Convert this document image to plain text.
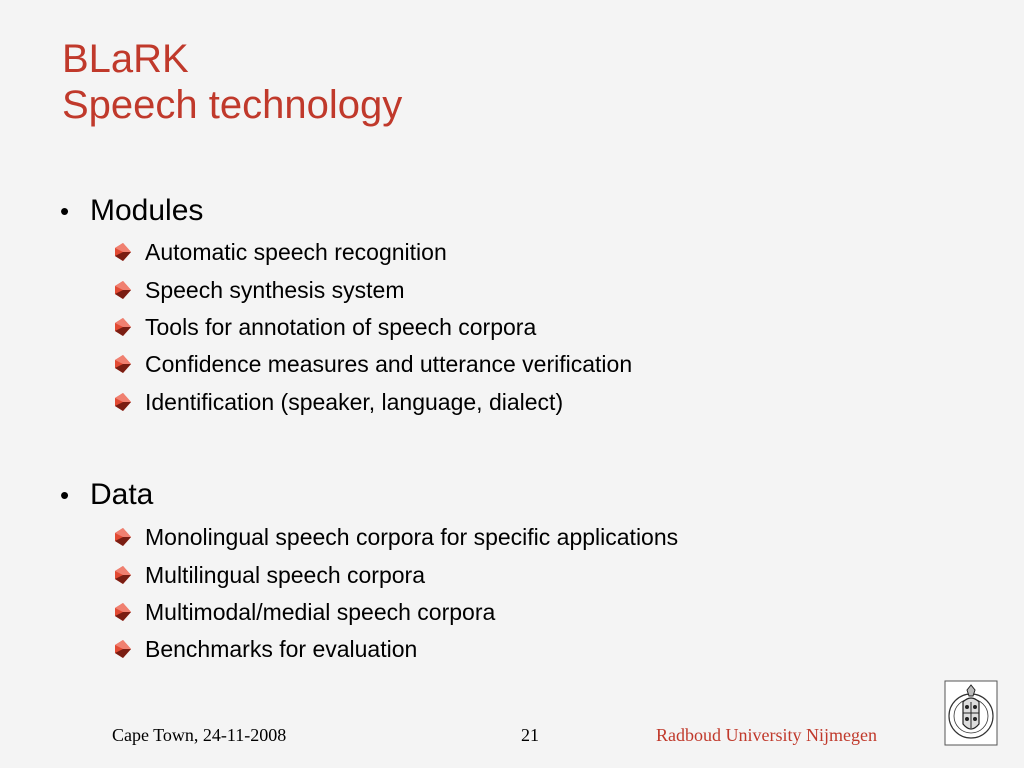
BLaRK
Speech technology
• Modules
Automatic speech recognition
Speech synthesis system
Tools for annotation of speech corpora
Confidence measures and utterance verification
Identification (speaker, language, dialect)
• Data
Monolingual speech corpora for specific applications
Multilingual speech corpora
Multimodal/medial speech corpora
Benchmarks for evaluation
Cape Town, 24-11-2008	21	Radboud University Nijmegen
